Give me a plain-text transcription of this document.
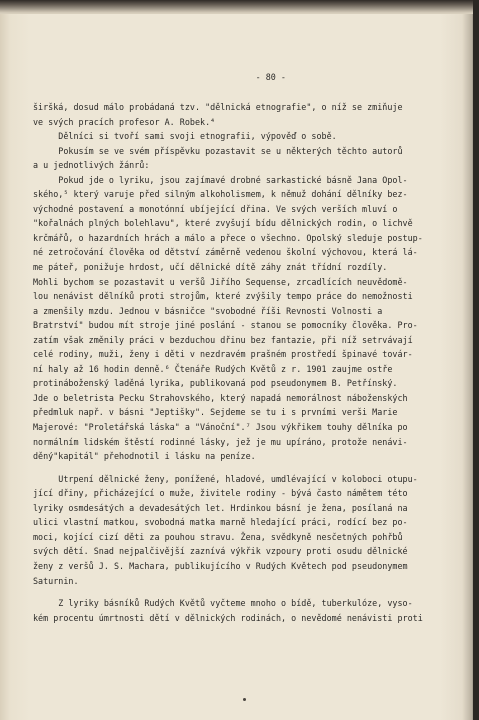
- 80 -
širšká, dosud málo probádaná tzv. "dělnická etnografie", o níž se zmiňuje
ve svých pracích profesor A. Robek.⁴
Dělníci si tvoří sami svoji etnografii, výpověď o sobě.
Pokusím se ve svém příspěvku pozastavit se u některých těchto autorů
a u jednotlivých žánrů:
Pokud jde o lyriku, jsou zajímavé drobné sarkastické básně Jana Opol-
ského,⁵ který varuje před silným alkoholismem, k němuž dohání dělníky bez-
východné postavení a monotónní ubíjející dřina. Ve svých verších mluví o
"kořalnách plných bolehlavu", které zvyšují bídu dělnických rodin, o lichvě
krčmářů, o hazardních hrách a málo a přece o všechno. Opolský sleduje postup-
né zetročování člověka od dětství záměrně vedenou školní výchovou, která lá-
me páteř, ponižuje hrdost, učí dělnické dítě záhy znát třídní rozdíly.
Mohli bychom se pozastavit u veršů Jiřího Sequense, zrcadlících neuvědomě-
lou nenávist dělníků proti strojům, které zvýšily tempo práce do nemožnosti
a zmenšily mzdu. Jednou v básničce "svobodné říši Revnosti Volnosti a
Bratrství" budou mít stroje jiné poslání - stanou se pomocníky člověka. Pro-
zatím však změnily práci v bezduchou dřinu bez fantazie, při níž setrvávají
celé rodiny, muži, ženy i děti v nezdravém prašném prostředí špinavé továr-
ní haly až 16 hodin denně.⁶ Čtenáře Rudých Květů z r. 1901 zaujme ostře
protináboženský laděná lyrika, publikovaná pod pseudonymem B. Petřínský.
Jde o beletrista Pecku Strahovského, který napadá nemorálnost náboženských
předmluk např. v básni "Jeptišky". Sejdeme se tu i s prvními verši Marie
Majerové: "Proletářská láska" a "Vánoční".⁷ Jsou výkřikem touhy dělníka po
normálním lidském štěstí rodinné lásky, jež je mu upíráno, protože nenávi-
děný"kapitál" přehodnotil i lásku na peníze.
Utrpení dělnické ženy, ponížené, hladové, umdlévající v koloboci otupu-
jící dřiny, přicházející o muže, živitele rodiny - bývá často námětem této
lyriky osmdesátých a devadesátých let. Hrdinkou básní je žena, posílaná na
ulici vlastní matkou, svobodná matka marně hledající práci, rodící bez po-
moci, kojící cizí děti za pouhou stravu. Žena, svědkyně nesčetných pohřbů
svých dětí. Snad nejpalčivější zaznívá výkřik vzpoury proti osudu dělnické
ženy z veršů J. S. Machara, publikujícího v Rudých Květech pod pseudonymem
Saturnin.
Z lyriky básníků Rudých Květů vyčteme mnoho o bídě, tuberkulóze, vyso-
kém procentu úmrtnosti dětí v dělnických rodinách, o nevědomé nenávisti proti
